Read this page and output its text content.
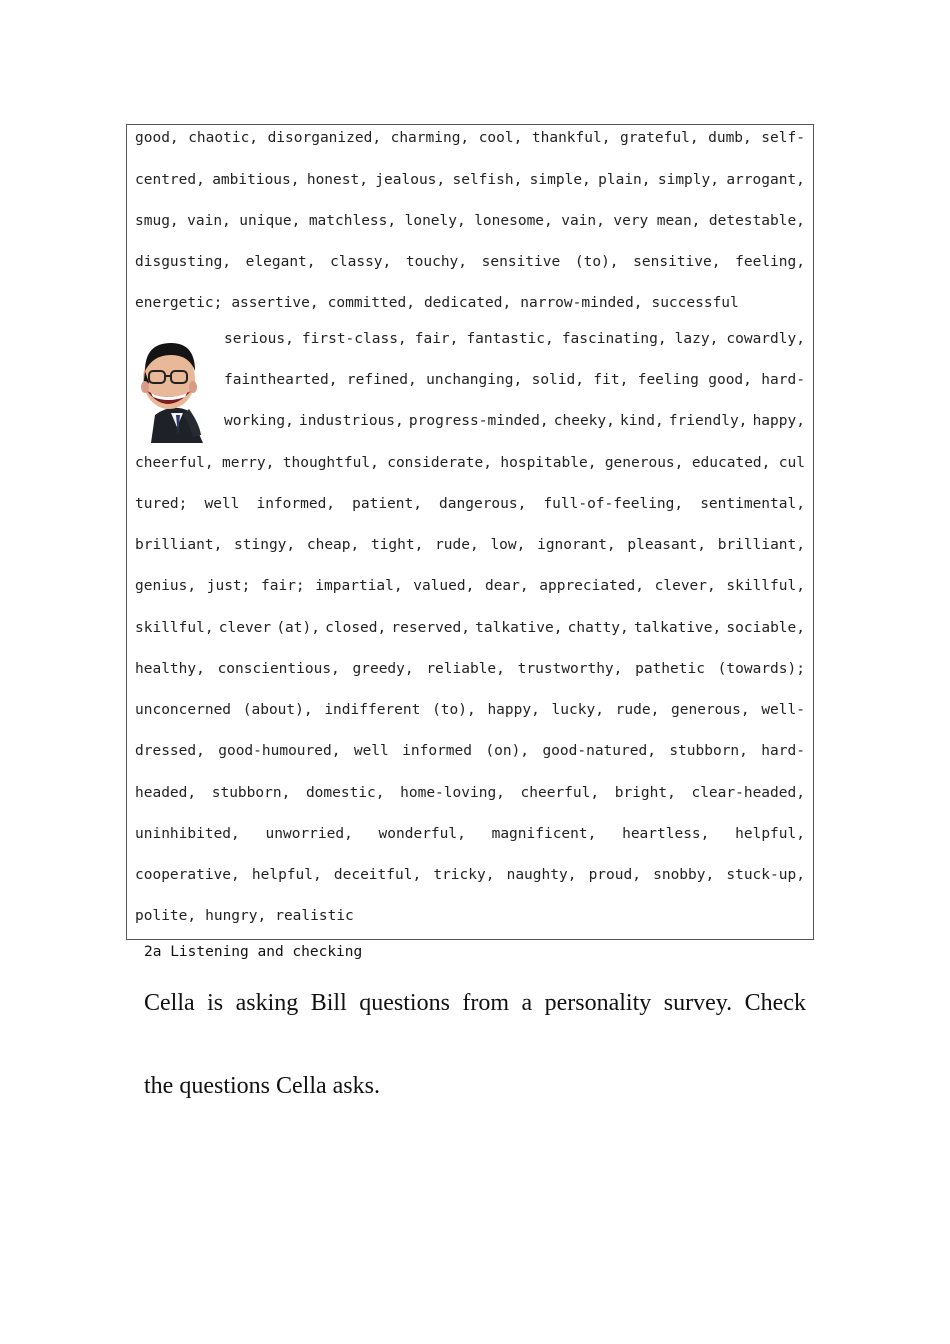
good, chaotic, disorganized, charming, cool, thankful, grateful, dumb, self-
centred, ambitious, honest, jealous, selfish, simple, plain, simply, arrogant,
smug, vain, unique, matchless, lonely, lonesome, vain, very mean, detestable,
disgusting, elegant, classy, touchy, sensitive (to), sensitive, feeling,
energetic; assertive, committed, dedicated, narrow-minded, successful
serious, first-class, fair, fantastic, fascinating, lazy, cowardly,
fainthearted, refined, unchanging, solid, fit, feeling good, hard-
working, industrious, progress-minded, cheeky, kind, friendly, happy,
cheerful, merry, thoughtful, considerate, hospitable, generous, educated, cul
tured; well informed, patient, dangerous, full-of-feeling, sentimental,
brilliant, stingy, cheap, tight, rude, low, ignorant, pleasant, brilliant,
genius, just; fair; impartial, valued, dear, appreciated, clever, skillful,
skillful, clever (at), closed, reserved, talkative, chatty, talkative, sociable,
healthy, conscientious, greedy, reliable, trustworthy, pathetic (towards);
unconcerned (about), indifferent (to), happy, lucky, rude, generous, well-
dressed, good-humoured, well informed (on), good-natured, stubborn, hard-
headed, stubborn, domestic, home-loving, cheerful, bright, clear-headed,
uninhibited, unworried, wonderful, magnificent, heartless, helpful,
cooperative, helpful, deceitful, tricky, naughty, proud, snobby, stuck-up,
polite, hungry, realistic
2a Listening and checking
Cella is asking Bill questions from a personality survey. Check
the questions Cella asks.
